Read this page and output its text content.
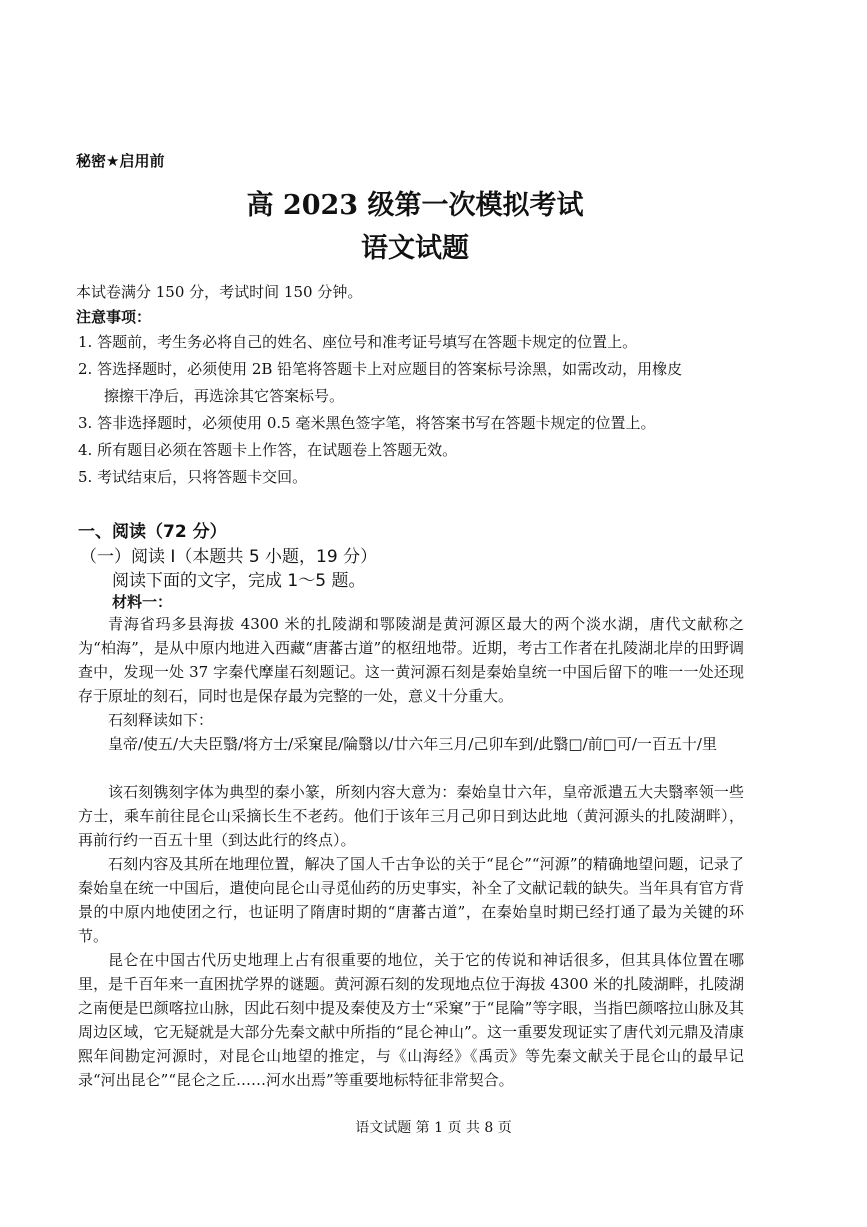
秘密★启用前
高 2023 级第一次模拟考试
语文试题
本试卷满分 150 分，考试时间 150 分钟。
注意事项：
1. 答题前，考生务必将自己的姓名、座位号和准考证号填写在答题卡规定的位置上。
2. 答选择题时，必须使用 2B 铅笔将答题卡上对应题目的答案标号涂黑，如需改动，用橡皮
擦擦干净后，再选涂其它答案标号。
3. 答非选择题时，必须使用 0.5 毫米黑色签字笔，将答案书写在答题卡规定的位置上。
4. 所有题目必须在答题卡上作答，在试题卷上答题无效。
5. 考试结束后，只将答题卡交回。
一、阅读（72 分）
（一）阅读 I（本题共 5 小题，19 分）
阅读下面的文字，完成 1～5 题。
材料一：
青海省玛多县海拔 4300 米的扎陵湖和鄂陵湖是黄河源区最大的两个淡水湖，唐代文献称之为“柏海”，是从中原内地进入西藏“唐蕃古道”的枢纽地带。近期，考古工作者在扎陵湖北岸的田野调查中，发现一处 37 字秦代摩崖石刻题记。这一黄河源石刻是秦始皇统一中国后留下的唯一一处还现存于原址的刻石，同时也是保存最为完整的一处，意义十分重大。
石刻释读如下：
皇帝/使五/大夫臣翳/将方士/采窠昆/陯翳以/廿六年三月/己卯车到/此翳□/前□可/一百五十/里
该石刻镌刻字体为典型的秦小篆，所刻内容大意为：秦始皇廿六年，皇帝派遣五大夫翳率领一些方士，乘车前往昆仑山采摘长生不老药。他们于该年三月己卯日到达此地（黄河源头的扎陵湖畔），再前行约一百五十里（到达此行的终点）。
石刻内容及其所在地理位置，解决了国人千古争讼的关于“昆仑”“河源”的精确地望问题，记录了秦始皇在统一中国后，遣使向昆仑山寻觅仙药的历史事实，补全了文献记载的缺失。当年具有官方背景的中原内地使团之行，也证明了隋唐时期的“唐蕃古道”，在秦始皇时期已经打通了最为关键的环节。
昆仑在中国古代历史地理上占有很重要的地位，关于它的传说和神话很多，但其具体位置在哪里，是千百年来一直困扰学界的谜题。黄河源石刻的发现地点位于海拔 4300 米的扎陵湖畔，扎陵湖之南便是巴颜喀拉山脉，因此石刻中提及秦使及方士“采窠”于“昆陯”等字眼，当指巴颜喀拉山脉及其周边区域，它无疑就是大部分先秦文献中所指的“昆仑神山”。这一重要发现证实了唐代刘元鼎及清康熙年间勘定河源时，对昆仑山地望的推定，与《山海经》《禹贡》等先秦文献关于昆仑山的最早记录“河出昆仑”“昆仑之丘……河水出焉”等重要地标特征非常契合。
语文试题 第 1 页 共 8 页
